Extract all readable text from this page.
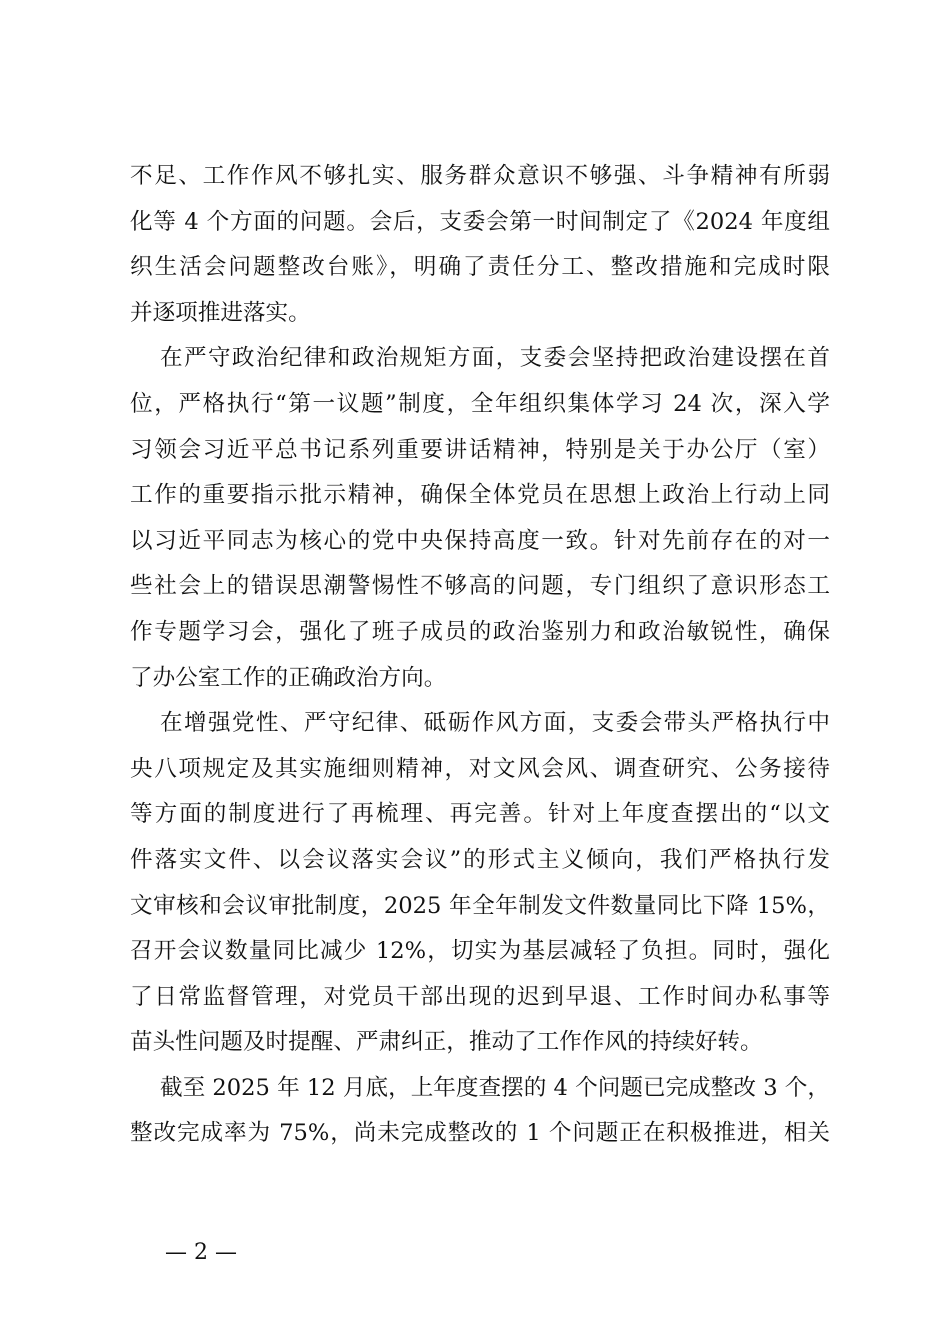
不足、工作作风不够扎实、服务群众意识不够强、斗争精神有所弱
化等 4 个方面的问题。会后，支委会第一时间制定了《2024 年度组
织生活会问题整改台账》，明确了责任分工、整改措施和完成时限
并逐项推进落实。
在严守政治纪律和政治规矩方面，支委会坚持把政治建设摆在首
位，严格执行“第一议题”制度，全年组织集体学习 24 次，深入学
习领会习近平总书记系列重要讲话精神，特别是关于办公厅（室）
工作的重要指示批示精神，确保全体党员在思想上政治上行动上同
以习近平同志为核心的党中央保持高度一致。针对先前存在的对一
些社会上的错误思潮警惕性不够高的问题，专门组织了意识形态工
作专题学习会，强化了班子成员的政治鉴别力和政治敏锐性，确保
了办公室工作的正确政治方向。
在增强党性、严守纪律、砥砺作风方面，支委会带头严格执行中
央八项规定及其实施细则精神，对文风会风、调查研究、公务接待
等方面的制度进行了再梳理、再完善。针对上年度查摆出的“以文
件落实文件、以会议落实会议”的形式主义倾向，我们严格执行发
文审核和会议审批制度，2025 年全年制发文件数量同比下降 15%，
召开会议数量同比减少 12%，切实为基层减轻了负担。同时，强化
了日常监督管理，对党员干部出现的迟到早退、工作时间办私事等
苗头性问题及时提醒、严肃纠正，推动了工作作风的持续好转。
截至 2025 年 12 月底，上年度查摆的 4 个问题已完成整改 3 个，
整改完成率为 75%，尚未完成整改的 1 个问题正在积极推进，相关
— 2 —
